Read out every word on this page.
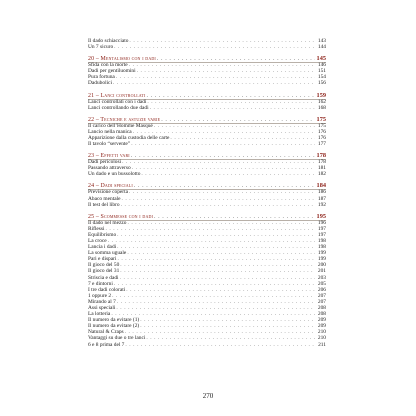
Il dado schiacciato . . .	143
Un 7 sicuro . . .	144
20 – Mentalismo con i dadi . . .	145
Sfida con la morte . . .	146
Dadi per gentiluomini . . .	151
Pura fortuna . . .	154
Dadubolici . . .	156
21 – Lanci controllati . . .	159
Lanci controllati con i dadi . . .	162
Lanci controllando due dadi . . .	168
22 – Tecniche e astuzie varie . . .	175
Il carico dell’Homme Masqué . . .	175
Lancio nella manica . . .	176
Apparizione dalla custodia delle carte . . .	176
Il tavolo “servente” . . .	177
23 – Effetti vari . . .	178
Dadi pericolosi . . .	178
Passando attraverso . . .	181
Un dado e un bussolotto . . .	182
24 – Dadi speciali . . .	184
Previsione coperta . . .	186
Abaco mentale . . .	187
Il test del libro . . .	192
25 – Scommesse con i dadi . . .	195
Il dado nel mezzo . . .	196
Riflessi . . .	197
Equilibrismo . . .	197
La croce . . .	198
Lancia i dadi . . .	198
La somma uguale . . .	199
Pari e dispari . . .	199
Il gioco del 50 . . .	200
Il gioco del 31 . . .	201
Striscia e dadi . . .	203
7 e dintorni . . .	205
I tre dadi colorati . . .	206
1 oppure 2 . . .	207
Mirando al 7 . . .	207
Assi speciali . . .	208
La lotteria . . .	208
Il numero da evitare (1) . . .	209
Il numero da evitare (2) . . .	209
Natural & Craps . . .	210
Vantaggi su due o tre lanci . . .	210
6 e 8 prima del 7 . . .	211
270
